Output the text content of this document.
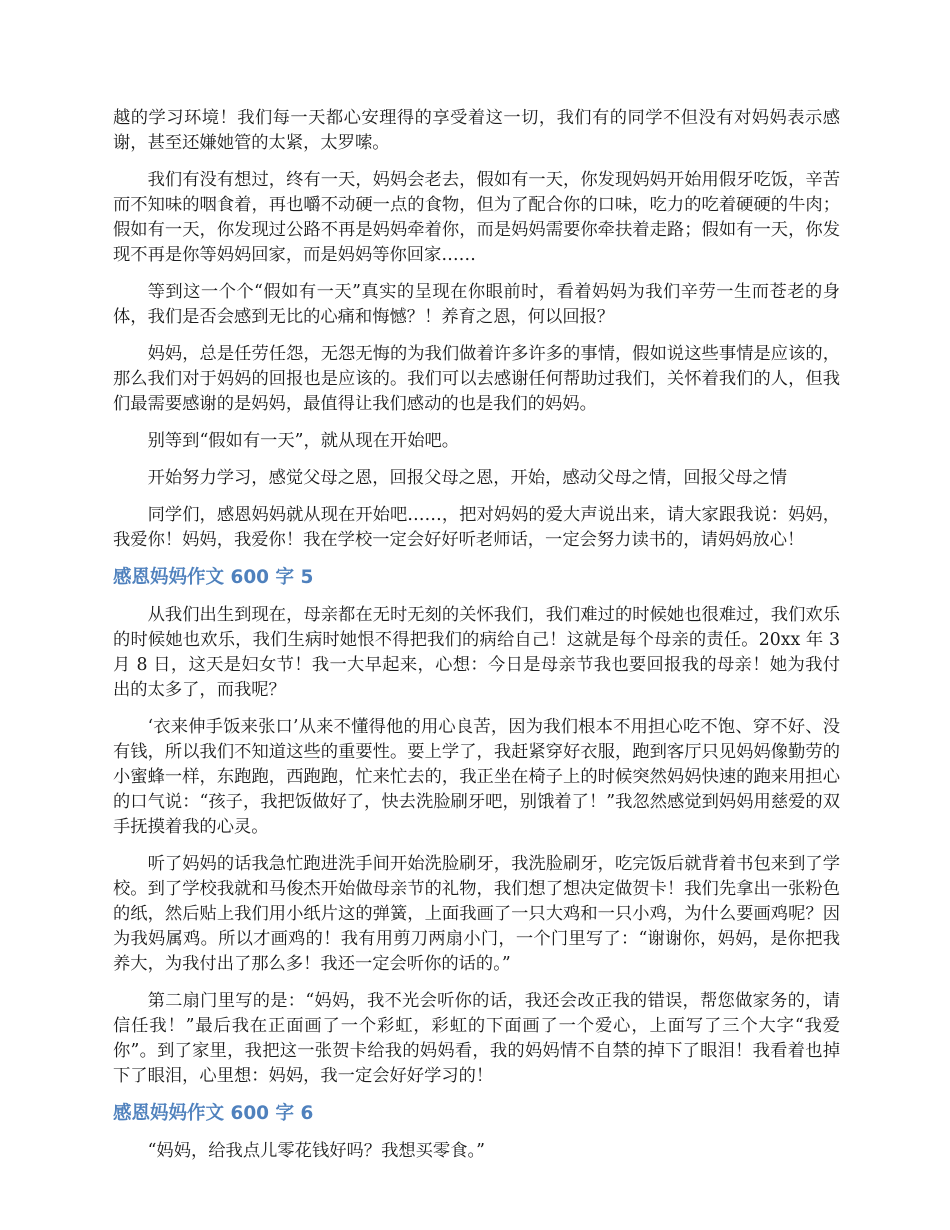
越的学习环境！我们每一天都心安理得的享受着这一切，我们有的同学不但没有对妈妈表示感谢，甚至还嫌她管的太紧，太罗嗦。

我们有没有想过，终有一天，妈妈会老去，假如有一天，你发现妈妈开始用假牙吃饭，辛苦而不知味的咽食着，再也嚼不动硬一点的食物，但为了配合你的口味，吃力的吃着硬硬的牛肉；假如有一天，你发现过公路不再是妈妈牵着你，而是妈妈需要你牵扶着走路；假如有一天，你发现不再是你等妈妈回家，而是妈妈等你回家……

等到这一个个“假如有一天”真实的呈现在你眼前时，看着妈妈为我们辛劳一生而苍老的身体，我们是否会感到无比的心痛和悔憾？！养育之恩，何以回报？

妈妈，总是任劳任怨，无怨无悔的为我们做着许多许多的事情，假如说这些事情是应该的，那么我们对于妈妈的回报也是应该的。我们可以去感谢任何帮助过我们，关怀着我们的人，但我们最需要感谢的是妈妈，最值得让我们感动的也是我们的妈妈。

别等到“假如有一天”，就从现在开始吧。

开始努力学习，感觉父母之恩，回报父母之恩，开始，感动父母之情，回报父母之情

同学们，感恩妈妈就从现在开始吧……，把对妈妈的爱大声说出来，请大家跟我说：妈妈，我爱你！妈妈，我爱你！我在学校一定会好好听老师话，一定会努力读书的，请妈妈放心！

感恩妈妈作文 600 字 5

从我们出生到现在，母亲都在无时无刻的关怀我们，我们难过的时候她也很难过，我们欢乐的时候她也欢乐，我们生病时她恨不得把我们的病给自己！这就是每个母亲的责任。20xx 年 3 月 8 日，这天是妇女节！我一大早起来，心想：今日是母亲节我也要回报我的母亲！她为我付出的太多了，而我呢？

‘衣来伸手饭来张口’从来不懂得他的用心良苦，因为我们根本不用担心吃不饱、穿不好、没有钱，所以我们不知道这些的重要性。要上学了，我赶紧穿好衣服，跑到客厅只见妈妈像勤劳的小蜜蜂一样，东跑跑，西跑跑，忙来忙去的，我正坐在椅子上的时候突然妈妈快速的跑来用担心的口气说：“孩子，我把饭做好了，快去洗脸刷牙吧，别饿着了！”我忽然感觉到妈妈用慈爱的双手抚摸着我的心灵。

听了妈妈的话我急忙跑进洗手间开始洗脸刷牙，我洗脸刷牙，吃完饭后就背着书包来到了学校。到了学校我就和马俊杰开始做母亲节的礼物，我们想了想决定做贺卡！我们先拿出一张粉色的纸，然后贴上我们用小纸片这的弹簧，上面我画了一只大鸡和一只小鸡，为什么要画鸡呢？因为我妈属鸡。所以才画鸡的！我有用剪刀两扇小门，一个门里写了：“谢谢你，妈妈，是你把我养大，为我付出了那么多！我还一定会听你的话的。”

第二扇门里写的是：“妈妈，我不光会听你的话，我还会改正我的错误，帮您做家务的，请信任我！”最后我在正面画了一个彩虹，彩虹的下面画了一个爱心，上面写了三个大字“我爱你”。到了家里，我把这一张贺卡给我的妈妈看，我的妈妈情不自禁的掉下了眼泪！我看着也掉下了眼泪，心里想：妈妈，我一定会好好学习的！

感恩妈妈作文 600 字 6

“妈妈，给我点儿零花钱好吗？我想买零食。”
